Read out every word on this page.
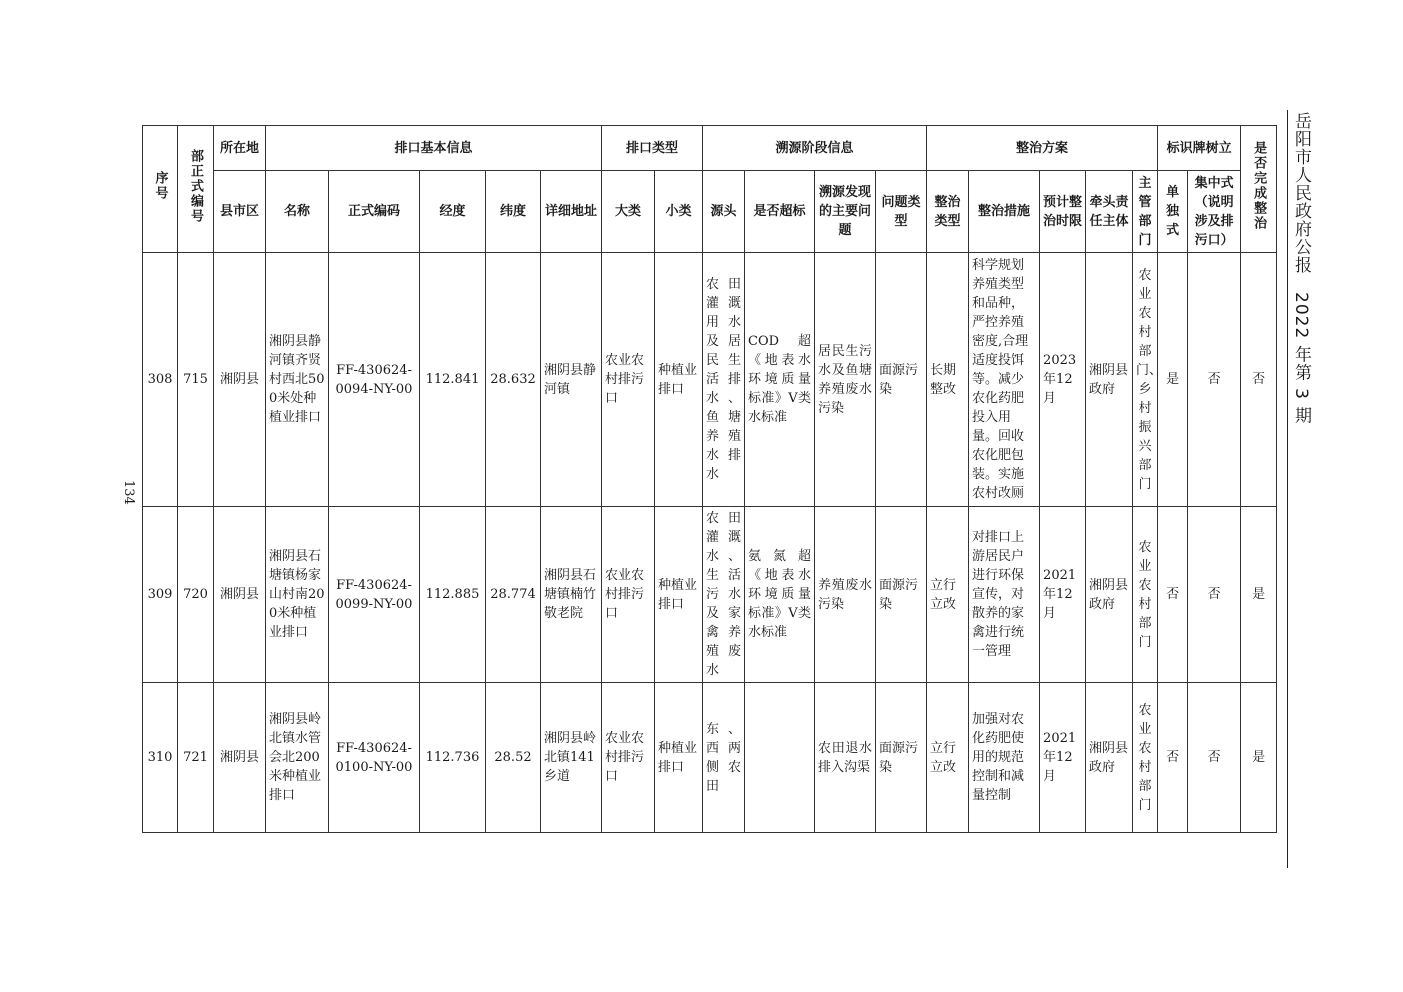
岳阳市人民政府公报　2022 年第 3 期
134
序号	部正式编号	所在地	排口基本信息					排口类型		溯源阶段信息				整治方案					标识牌树立		是否完成整治
		县市区	名称	正式编码	经度	纬度	详细地址	大类	小类	源头	是否超标	溯源发现的主要问题	问题类型	整治类型	整治措施	预计整治时限	牵头责任主体	主管部门	单独式	集中式（说明涉及排污口）	
308	715	湘阴县	湘阴县静河镇齐贤村西北500米处种植业排口	FF-430624-0094-NY-00	112.841	28.632	湘阴县静河镇	农业农村排污口	种植业排口	农田灌溉用水及居民生活排水、鱼塘养殖水排水	COD 超《地表水环境质量标准》V类水标准	居民生污水及鱼塘养殖废水污染	面源污染	长期整改	科学规划养殖类型和品种，严控养殖密度,合理适度投饵等。减少农化药肥投入用量。回收农化肥包装。实施农村改厕	2023年12月	湘阴县政府	农业农村部门、乡村振兴部门	是	否	否
309	720	湘阴县	湘阴县石塘镇杨家山村南200米种植业排口	FF-430624-0099-NY-00	112.885	28.774	湘阴县石塘镇楠竹敬老院	农业农村排污口	种植业排口	农田灌溉水、生活污水及家禽养殖废水	氨氮超《地表水环境质量标准》V类水标准	养殖废水污染	面源污染	立行立改	对排口上游居民户进行环保宣传，对散养的家禽进行统一管理	2021年12月	湘阴县政府	农业农村部门	否	否	是
310	721	湘阴县	湘阴县岭北镇水管会北200米种植业排口	FF-430624-0100-NY-00	112.736	28.52	湘阴县岭北镇141乡道	农业农村排污口	种植业排口	东、西两侧农田		农田退水排入沟渠	面源污染	立行立改	加强对农化药肥使用的规范控制和减量控制	2021年12月	湘阴县政府	农业农村部门	否	否	是
